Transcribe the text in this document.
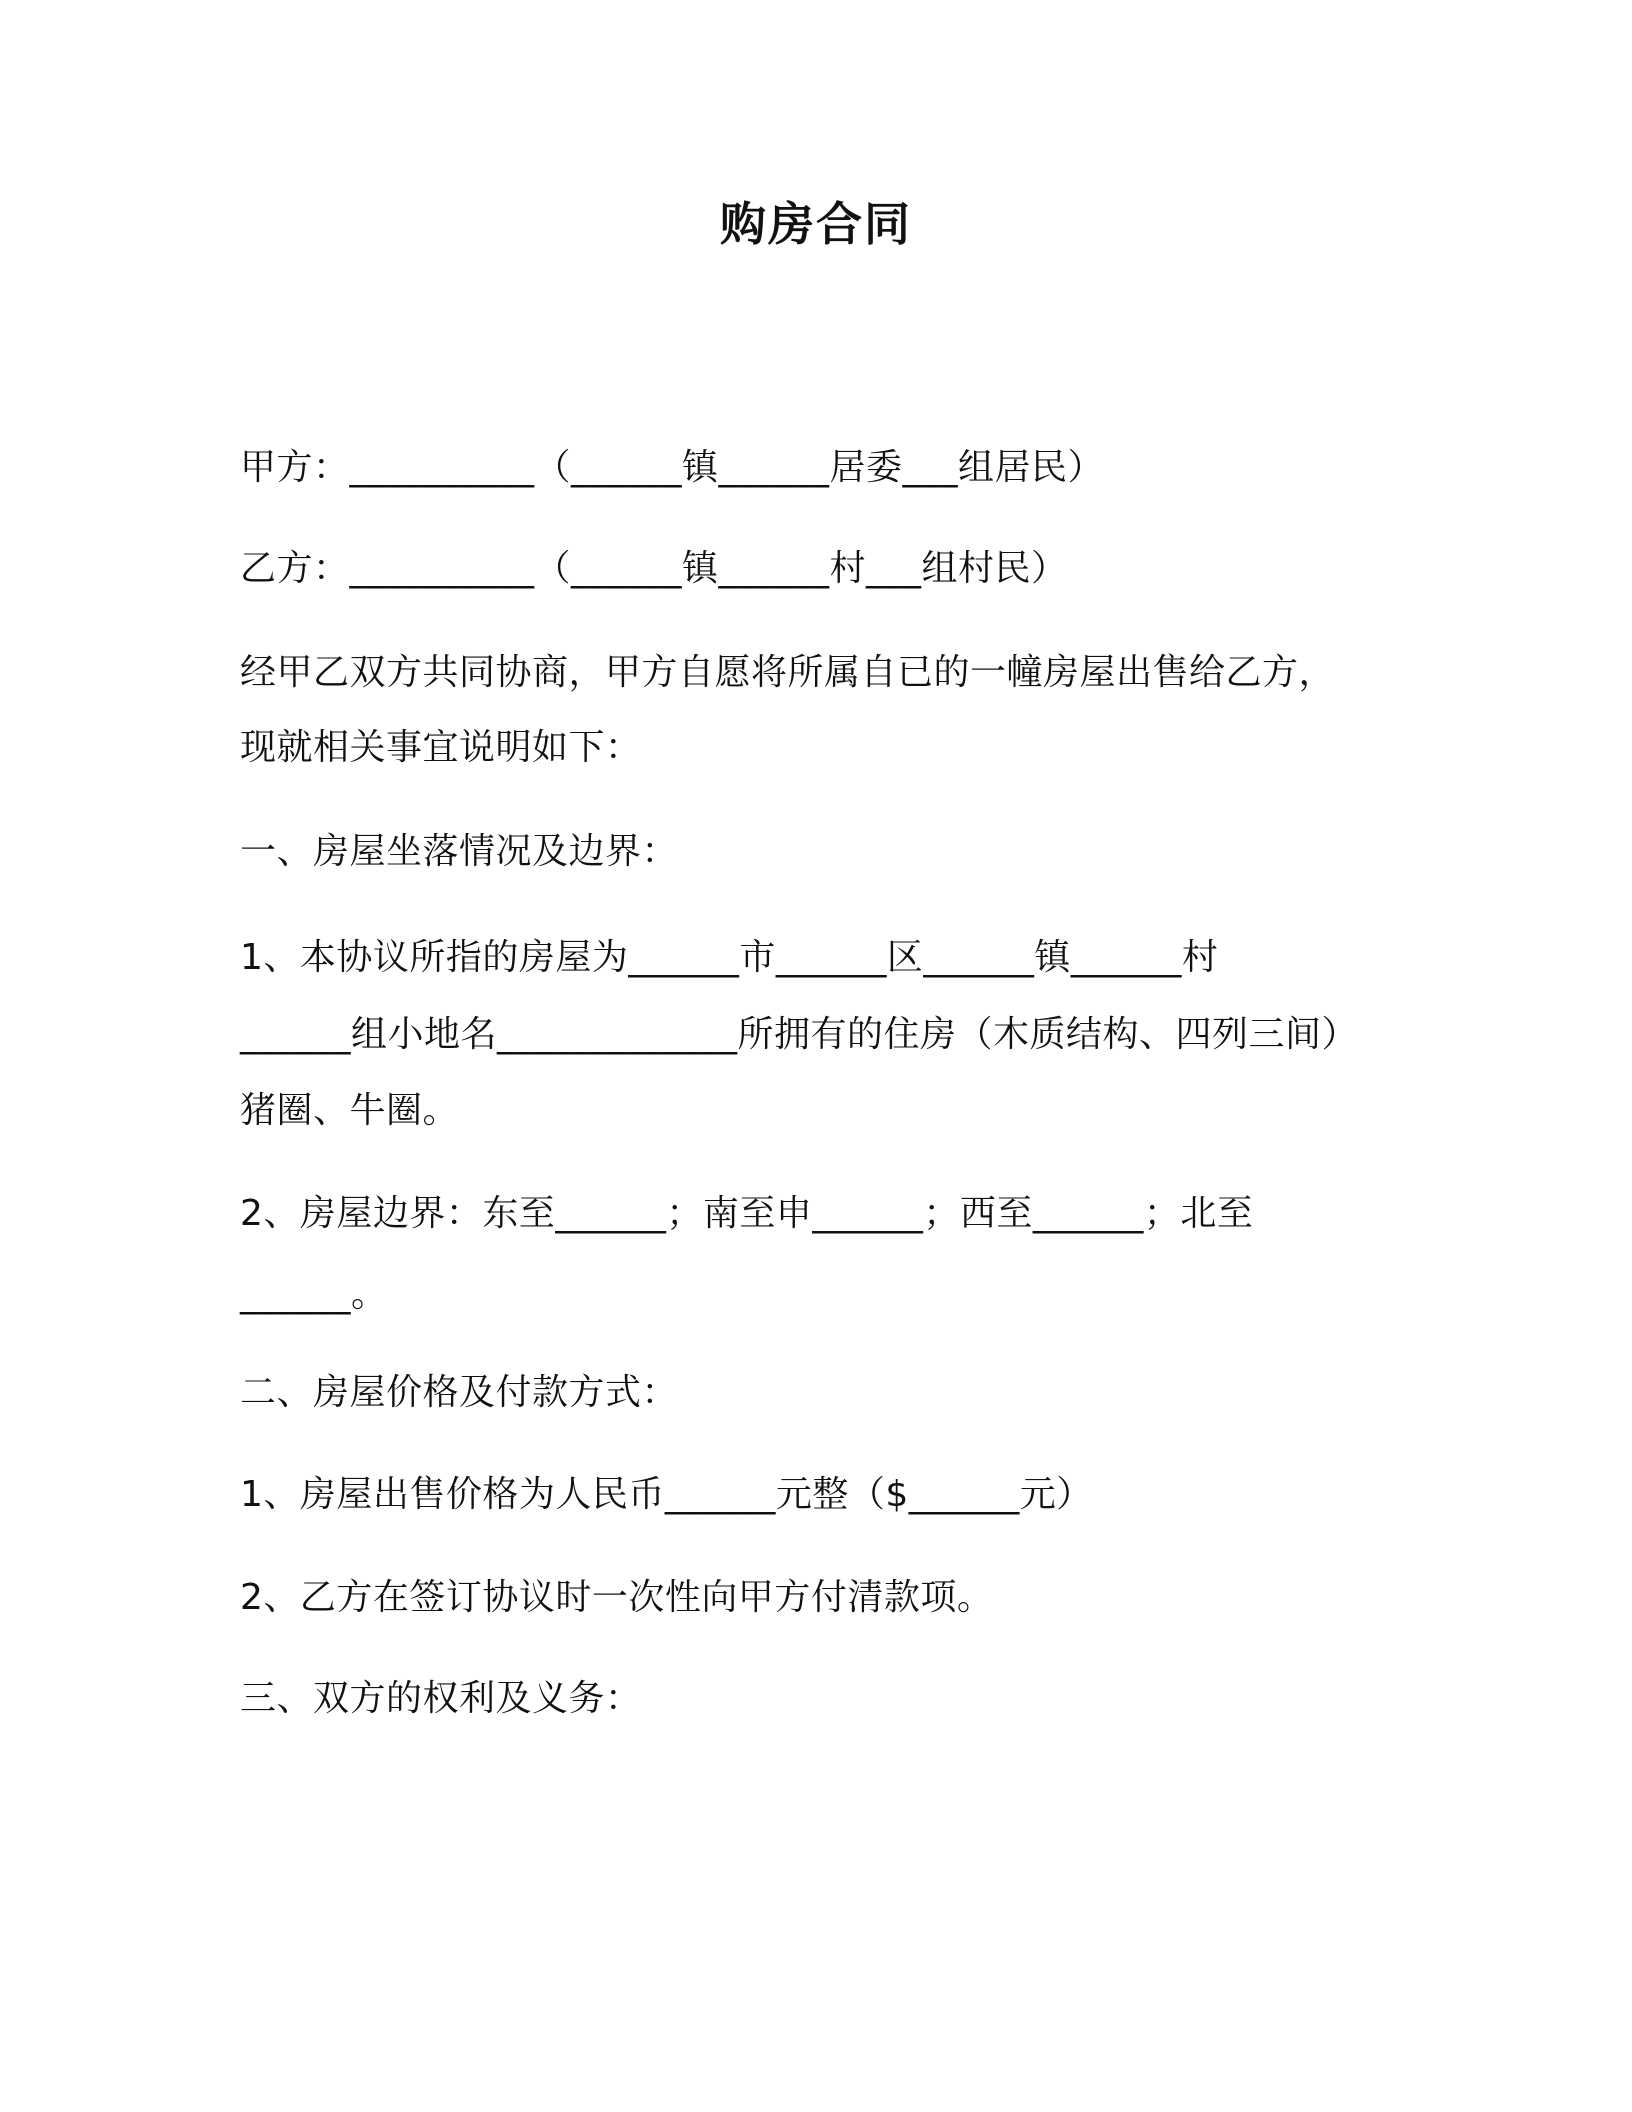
购房合同
甲方：__________（______镇______居委___组居民）
乙方：__________（______镇______村___组村民）
经甲乙双方共同协商，甲方自愿将所属自已的一幢房屋出售给乙方，
现就相关事宜说明如下：
一、房屋坐落情况及边界：
1、本协议所指的房屋为______市______区______镇______村
______组小地名_____________所拥有的住房（木质结构、四列三间）
猪圈、牛圈。
2、房屋边界：东至______；南至申______；西至______；北至
______。
二、房屋价格及付款方式：
1、房屋出售价格为人民币______元整（$______元）
2、乙方在签订协议时一次性向甲方付清款项。
三、双方的权利及义务：
